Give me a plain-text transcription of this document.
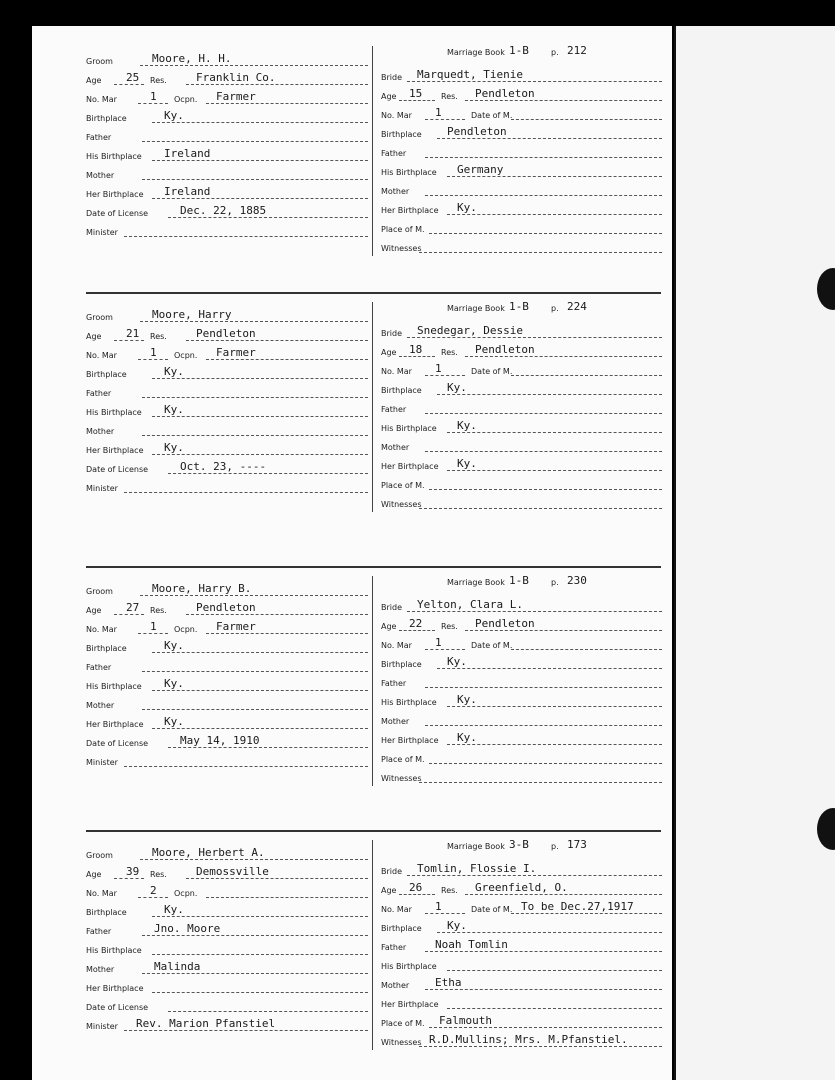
Groom	Moore, H. H.
Age 25 Res.	Franklin Co.
No. Mar	1 Ocpn. Farmer
Birthplace	Ky.
Father
His Birthplace Ireland
Mother
Her Birthplace Ireland
Date of License	Dec. 22, 1885
Minister
Marriage Book 1-B	p. 212
Bride Marquedt, Tienie
Age 15 Res. Pendleton
No. Mar 1	Date of M.
Birthplace Pendleton
Father
His Birthplace Germany
Mother
Her Birthplace Ky.
Place of M.
Witnesses
Groom	Moore, Harry
Age 21 Res.	Pendleton
No. Mar	1 Ocpn. Farmer
Birthplace	Ky.
Father
His Birthplace Ky.
Mother
Her Birthplace Ky.
Date of License	Oct. 23, ----
Minister
Marriage Book 1-B	p. 224
Bride Snedegar, Dessie
Age 18 Res. Pendleton
No. Mar 1	Date of M.
Birthplace Ky.
Father
His Birthplace Ky.
Mother
Her Birthplace Ky.
Place of M.
Witnesses
Groom	Moore, Harry B.
Age 27 Res.	Pendleton
No. Mar	1 Ocpn. Farmer
Birthplace	Ky.
Father
His Birthplace Ky.
Mother
Her Birthplace Ky.
Date of License	May 14, 1910
Minister
Marriage Book 1-B	p. 230
Bride Yelton, Clara L.
Age 22 Res. Pendleton
No. Mar 1	Date of M.
Birthplace Ky.
Father
His Birthplace Ky.
Mother
Her Birthplace Ky.
Place of M.
Witnesses
Groom	Moore, Herbert A.
Age 39 Res.	Demossville
No. Mar	2 Ocpn.
Birthplace	Ky.
Father	Jno. Moore
His Birthplace
Mother	Malinda
Her Birthplace
Date of License
Minister Rev. Marion Pfanstiel
Marriage Book 3-B	p. 173
Bride Tomlin, Flossie I.
Age 26 Res. Greenfield, O.
No. Mar 1	Date of M. To be Dec.27,1917
Birthplace Ky.
Father	Noah Tomlin
His Birthplace
Mother Etha
Her Birthplace
Place of M. Falmouth
Witnesses R.D.Mullins; Mrs. M.Pfanstiel.
